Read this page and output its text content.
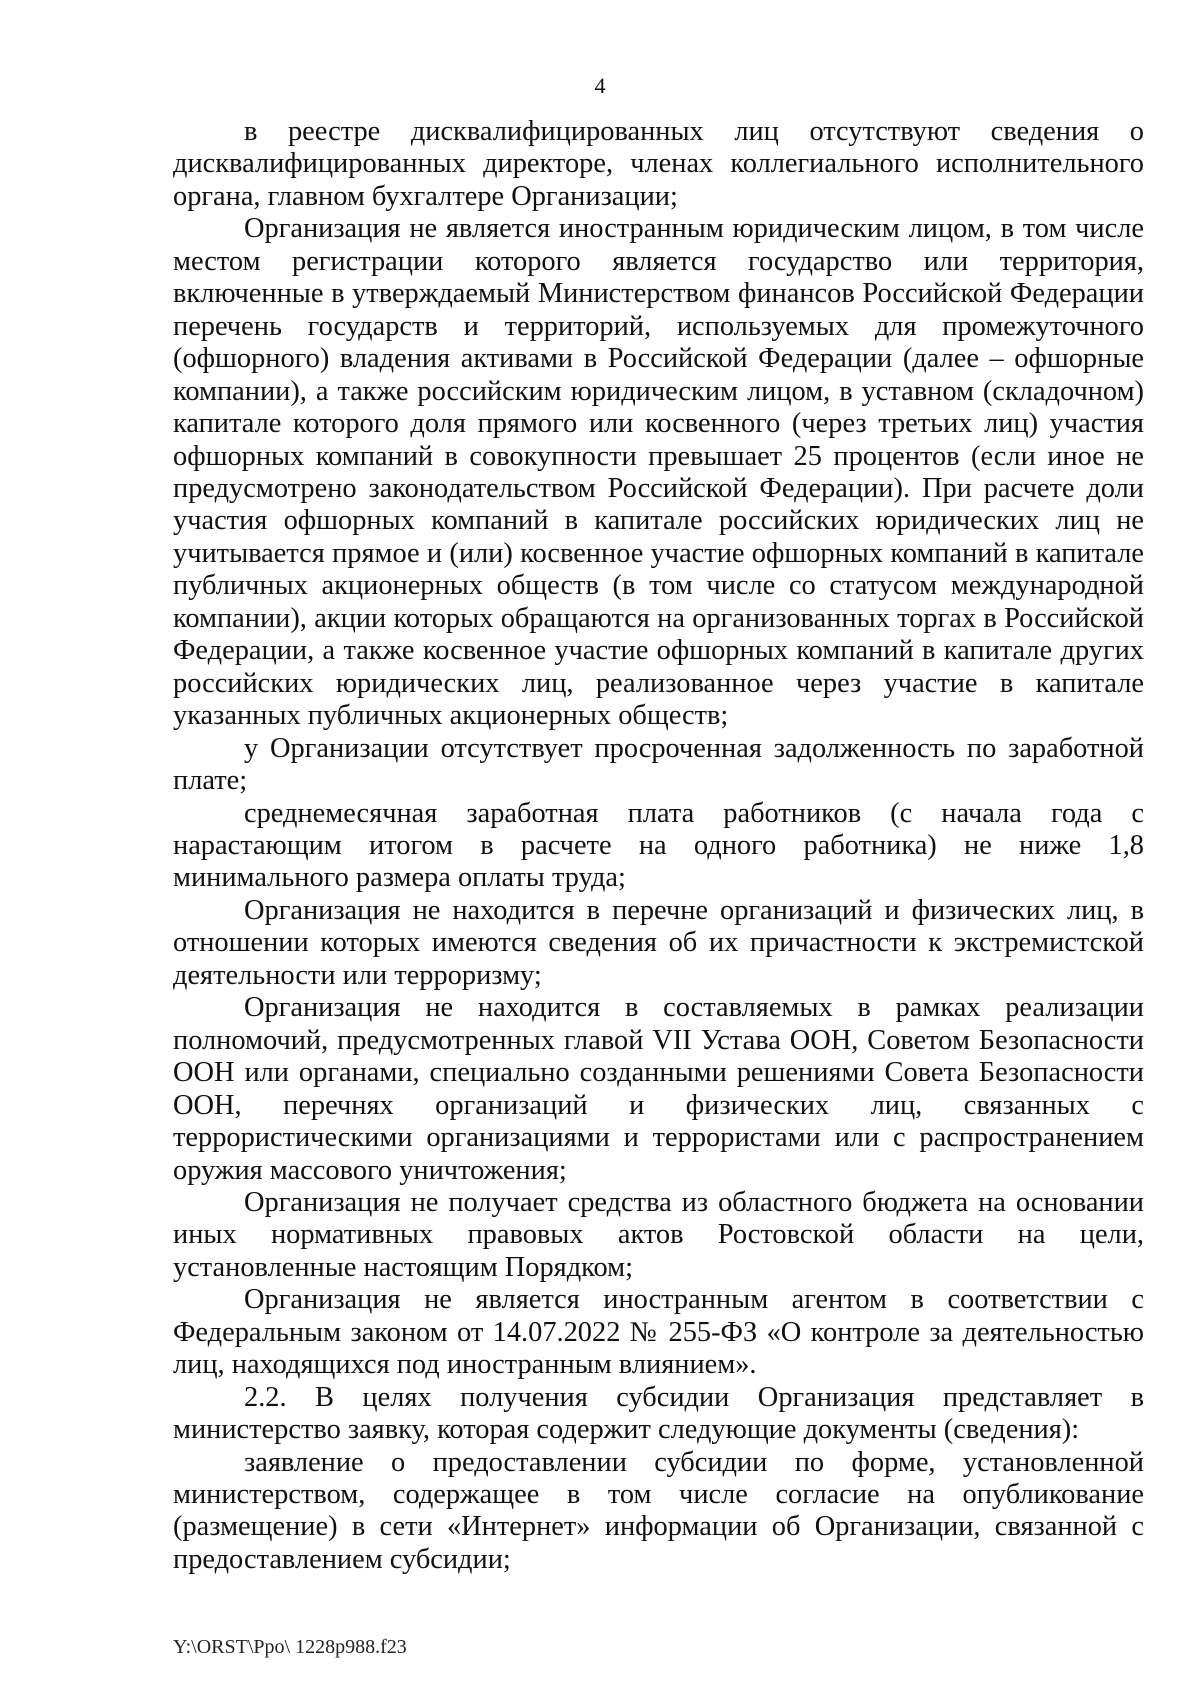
4

в реестре дисквалифицированных лиц отсутствуют сведения о дисквалифицированных директоре, членах коллегиального исполнительного органа, главном бухгалтере Организации;

Организация не является иностранным юридическим лицом, в том числе местом регистрации которого является государство или территория, включенные в утверждаемый Министерством финансов Российской Федерации перечень государств и территорий, используемых для промежуточного (офшорного) владения активами в Российской Федерации (далее – офшорные компании), а также российским юридическим лицом, в уставном (складочном) капитале которого доля прямого или косвенного (через третьих лиц) участия офшорных компаний в совокупности превышает 25 процентов (если иное не предусмотрено законодательством Российской Федерации). При расчете доли участия офшорных компаний в капитале российских юридических лиц не учитывается прямое и (или) косвенное участие офшорных компаний в капитале публичных акционерных обществ (в том числе со статусом международной компании), акции которых обращаются на организованных торгах в Российской Федерации, а также косвенное участие офшорных компаний в капитале других российских юридических лиц, реализованное через участие в капитале указанных публичных акционерных обществ;

у Организации отсутствует просроченная задолженность по заработной плате;

среднемесячная заработная плата работников (с начала года с нарастающим итогом в расчете на одного работника) не ниже 1,8 минимального размера оплаты труда;

Организация не находится в перечне организаций и физических лиц, в отношении которых имеются сведения об их причастности к экстремистской деятельности или терроризму;

Организация не находится в составляемых в рамках реализации полномочий, предусмотренных главой VII Устава ООН, Советом Безопасности ООН или органами, специально созданными решениями Совета Безопасности ООН, перечнях организаций и физических лиц, связанных с террористическими организациями и террористами или с распространением оружия массового уничтожения;

Организация не получает средства из областного бюджета на основании иных нормативных правовых актов Ростовской области на цели, установленные настоящим Порядком;

Организация не является иностранным агентом в соответствии с Федеральным законом от 14.07.2022 № 255-ФЗ «О контроле за деятельностью лиц, находящихся под иностранным влиянием».

2.2. В целях получения субсидии Организация представляет в министерство заявку, которая содержит следующие документы (сведения):

заявление о предоставлении субсидии по форме, установленной министерством, содержащее в том числе согласие на опубликование (размещение) в сети «Интернет» информации об Организации, связанной с предоставлением субсидии;

Y:\ORST\Ppo\ 1228p988.f23
